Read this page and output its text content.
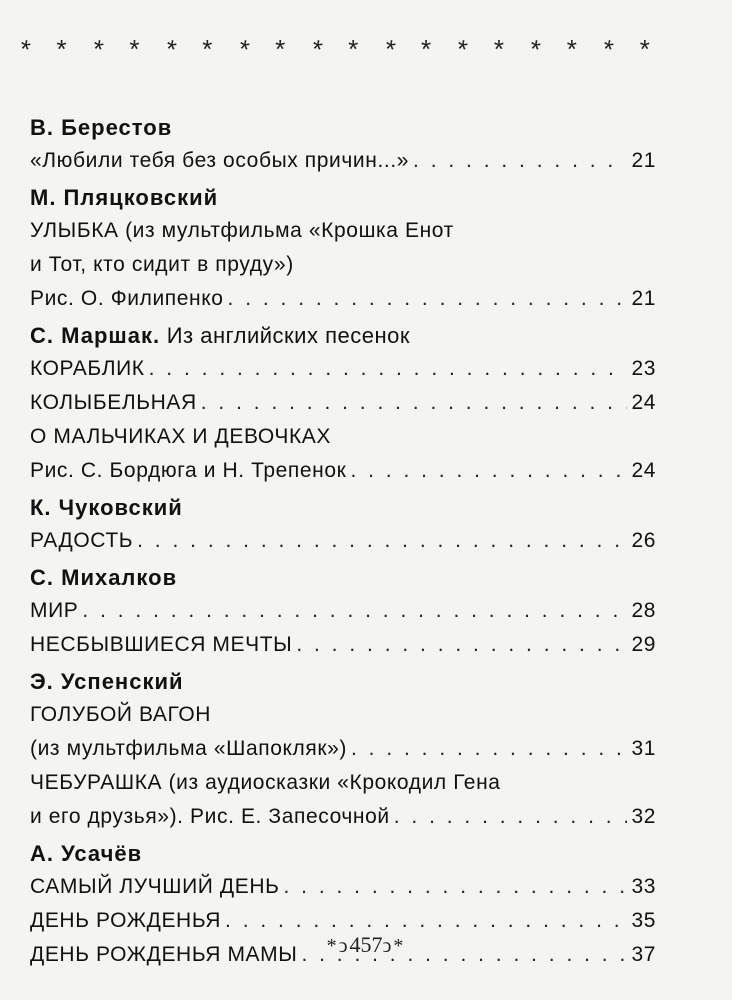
* * * * * * * * * * * * * * * * * *
В. Берестов
«Любили тебя без особых причин...» . . .	21
М. Пляцковский
УЛЫБКА (из мультфильма «Крошка Енот
и Тот, кто сидит в пруду»)
Рис. О. Филипенко . . .	21
С. Маршак. Из английских песенок
КОРАБЛИК . . .	23
КОЛЫБЕЛЬНАЯ . . .	24
О МАЛЬЧИКАХ И ДЕВОЧКАХ
Рис. С. Бордюга и Н. Трепенок . . .	24
К. Чуковский
РАДОСТЬ . . .	26
С. Михалков
МИР . . .	28
НЕСБЫВШИЕСЯ МЕЧТЫ . . .	29
Э. Успенский
ГОЛУБОЙ ВАГОН
(из мультфильма «Шапокляк») . . .	31
ЧЕБУРАШКА (из аудиосказки «Крокодил Гена
и его друзья»). Рис. Е. Запесочной . . .	32
А. Усачёв
САМЫЙ ЛУЧШИЙ ДЕНЬ . . .	33
ДЕНЬ РОЖДЕНЬЯ . . .	35
ДЕНЬ РОЖДЕНЬЯ МАМЫ . . .	37
*ↄ457ↄ*
